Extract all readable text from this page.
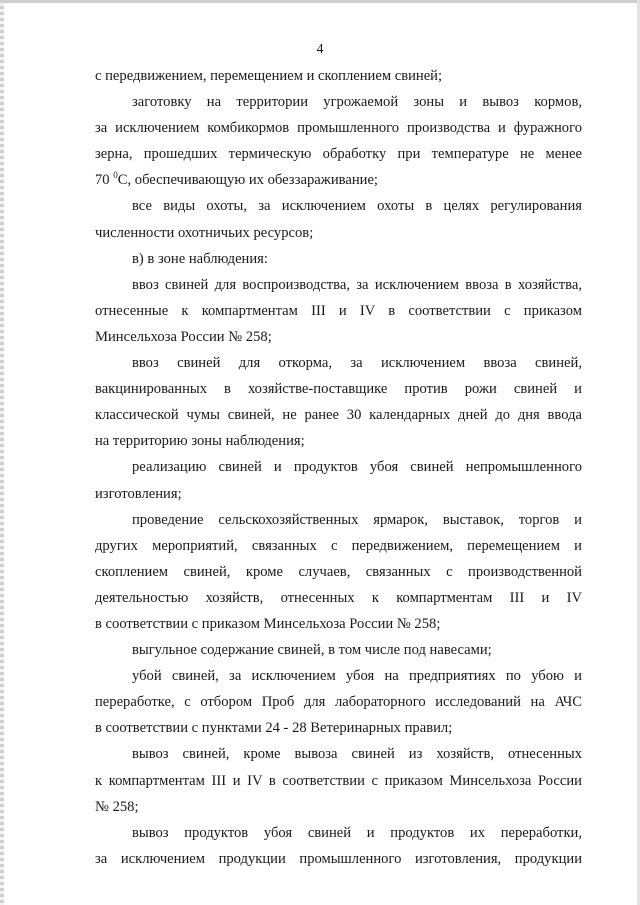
4
с передвижением, перемещением и скоплением свиней;
заготовку на территории угрожаемой зоны и вывоз кормов,
за исключением комбикормов промышленного производства и фуражного
зерна, прошедших термическую обработку при температуре не менее
70 $^0$С, обеспечивающую их обеззараживание;
все виды охоты, за исключением охоты в целях регулирования
численности охотничьих ресурсов;
в) в зоне наблюдения:
ввоз свиней для воспроизводства, за исключением ввоза в хозяйства,
отнесенные к компартментам III и IV в соответствии с приказом
Минсельхоза России № 258;
ввоз свиней для откорма, за исключением ввоза свиней,
вакцинированных в хозяйстве-поставщике против рожи свиней и
классической чумы свиней, не ранее 30 календарных дней до дня ввода
на территорию зоны наблюдения;
реализацию свиней и продуктов убоя свиней непромышленного
изготовления;
проведение сельскохозяйственных ярмарок, выставок, торгов и
других мероприятий, связанных с передвижением, перемещением и
скоплением свиней, кроме случаев, связанных с производственной
деятельностью хозяйств, отнесенных к компартментам III и IV
в соответствии с приказом Минсельхоза России № 258;
выгульное содержание свиней, в том числе под навесами;
убой свиней, за исключением убоя на предприятиях по убою и
переработке, с отбором Проб для лабораторного исследований на АЧС
в соответствии с пунктами 24 - 28 Ветеринарных правил;
вывоз свиней, кроме вывоза свиней из хозяйств, отнесенных
к компартментам III и IV в соответствии с приказом Минсельхоза России
№ 258;
вывоз продуктов убоя свиней и продуктов их переработки,
за исключением продукции промышленного изготовления, продукции
